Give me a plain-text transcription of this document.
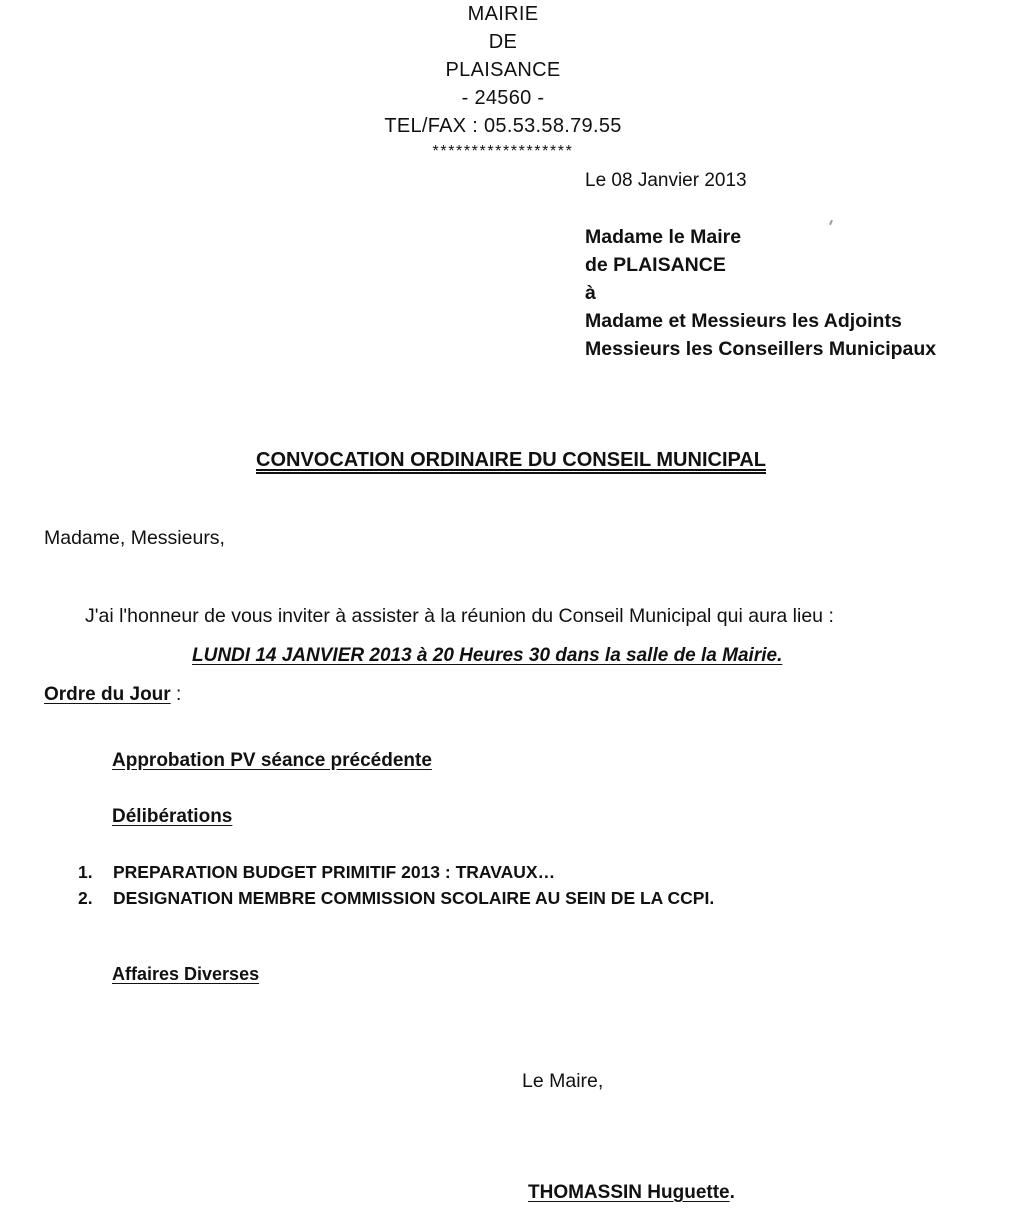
MAIRIE
DE
PLAISANCE
- 24560 -
TEL/FAX : 05.53.58.79.55
******************
Le 08 Janvier 2013
Madame le Maire
de PLAISANCE
à
Madame et Messieurs les Adjoints
Messieurs les Conseillers Municipaux
CONVOCATION ORDINAIRE DU CONSEIL MUNICIPAL
Madame, Messieurs,
J'ai l'honneur de vous inviter à assister à la réunion du Conseil Municipal qui aura lieu :
LUNDI 14 JANVIER 2013 à 20 Heures 30 dans la salle de la Mairie.
Ordre du Jour :
Approbation PV séance précédente
Délibérations
1.	PREPARATION BUDGET PRIMITIF 2013 : TRAVAUX…
2.	DESIGNATION MEMBRE COMMISSION SCOLAIRE AU SEIN DE LA CCPI.
Affaires Diverses
Le Maire,
THOMASSIN Huguette.
